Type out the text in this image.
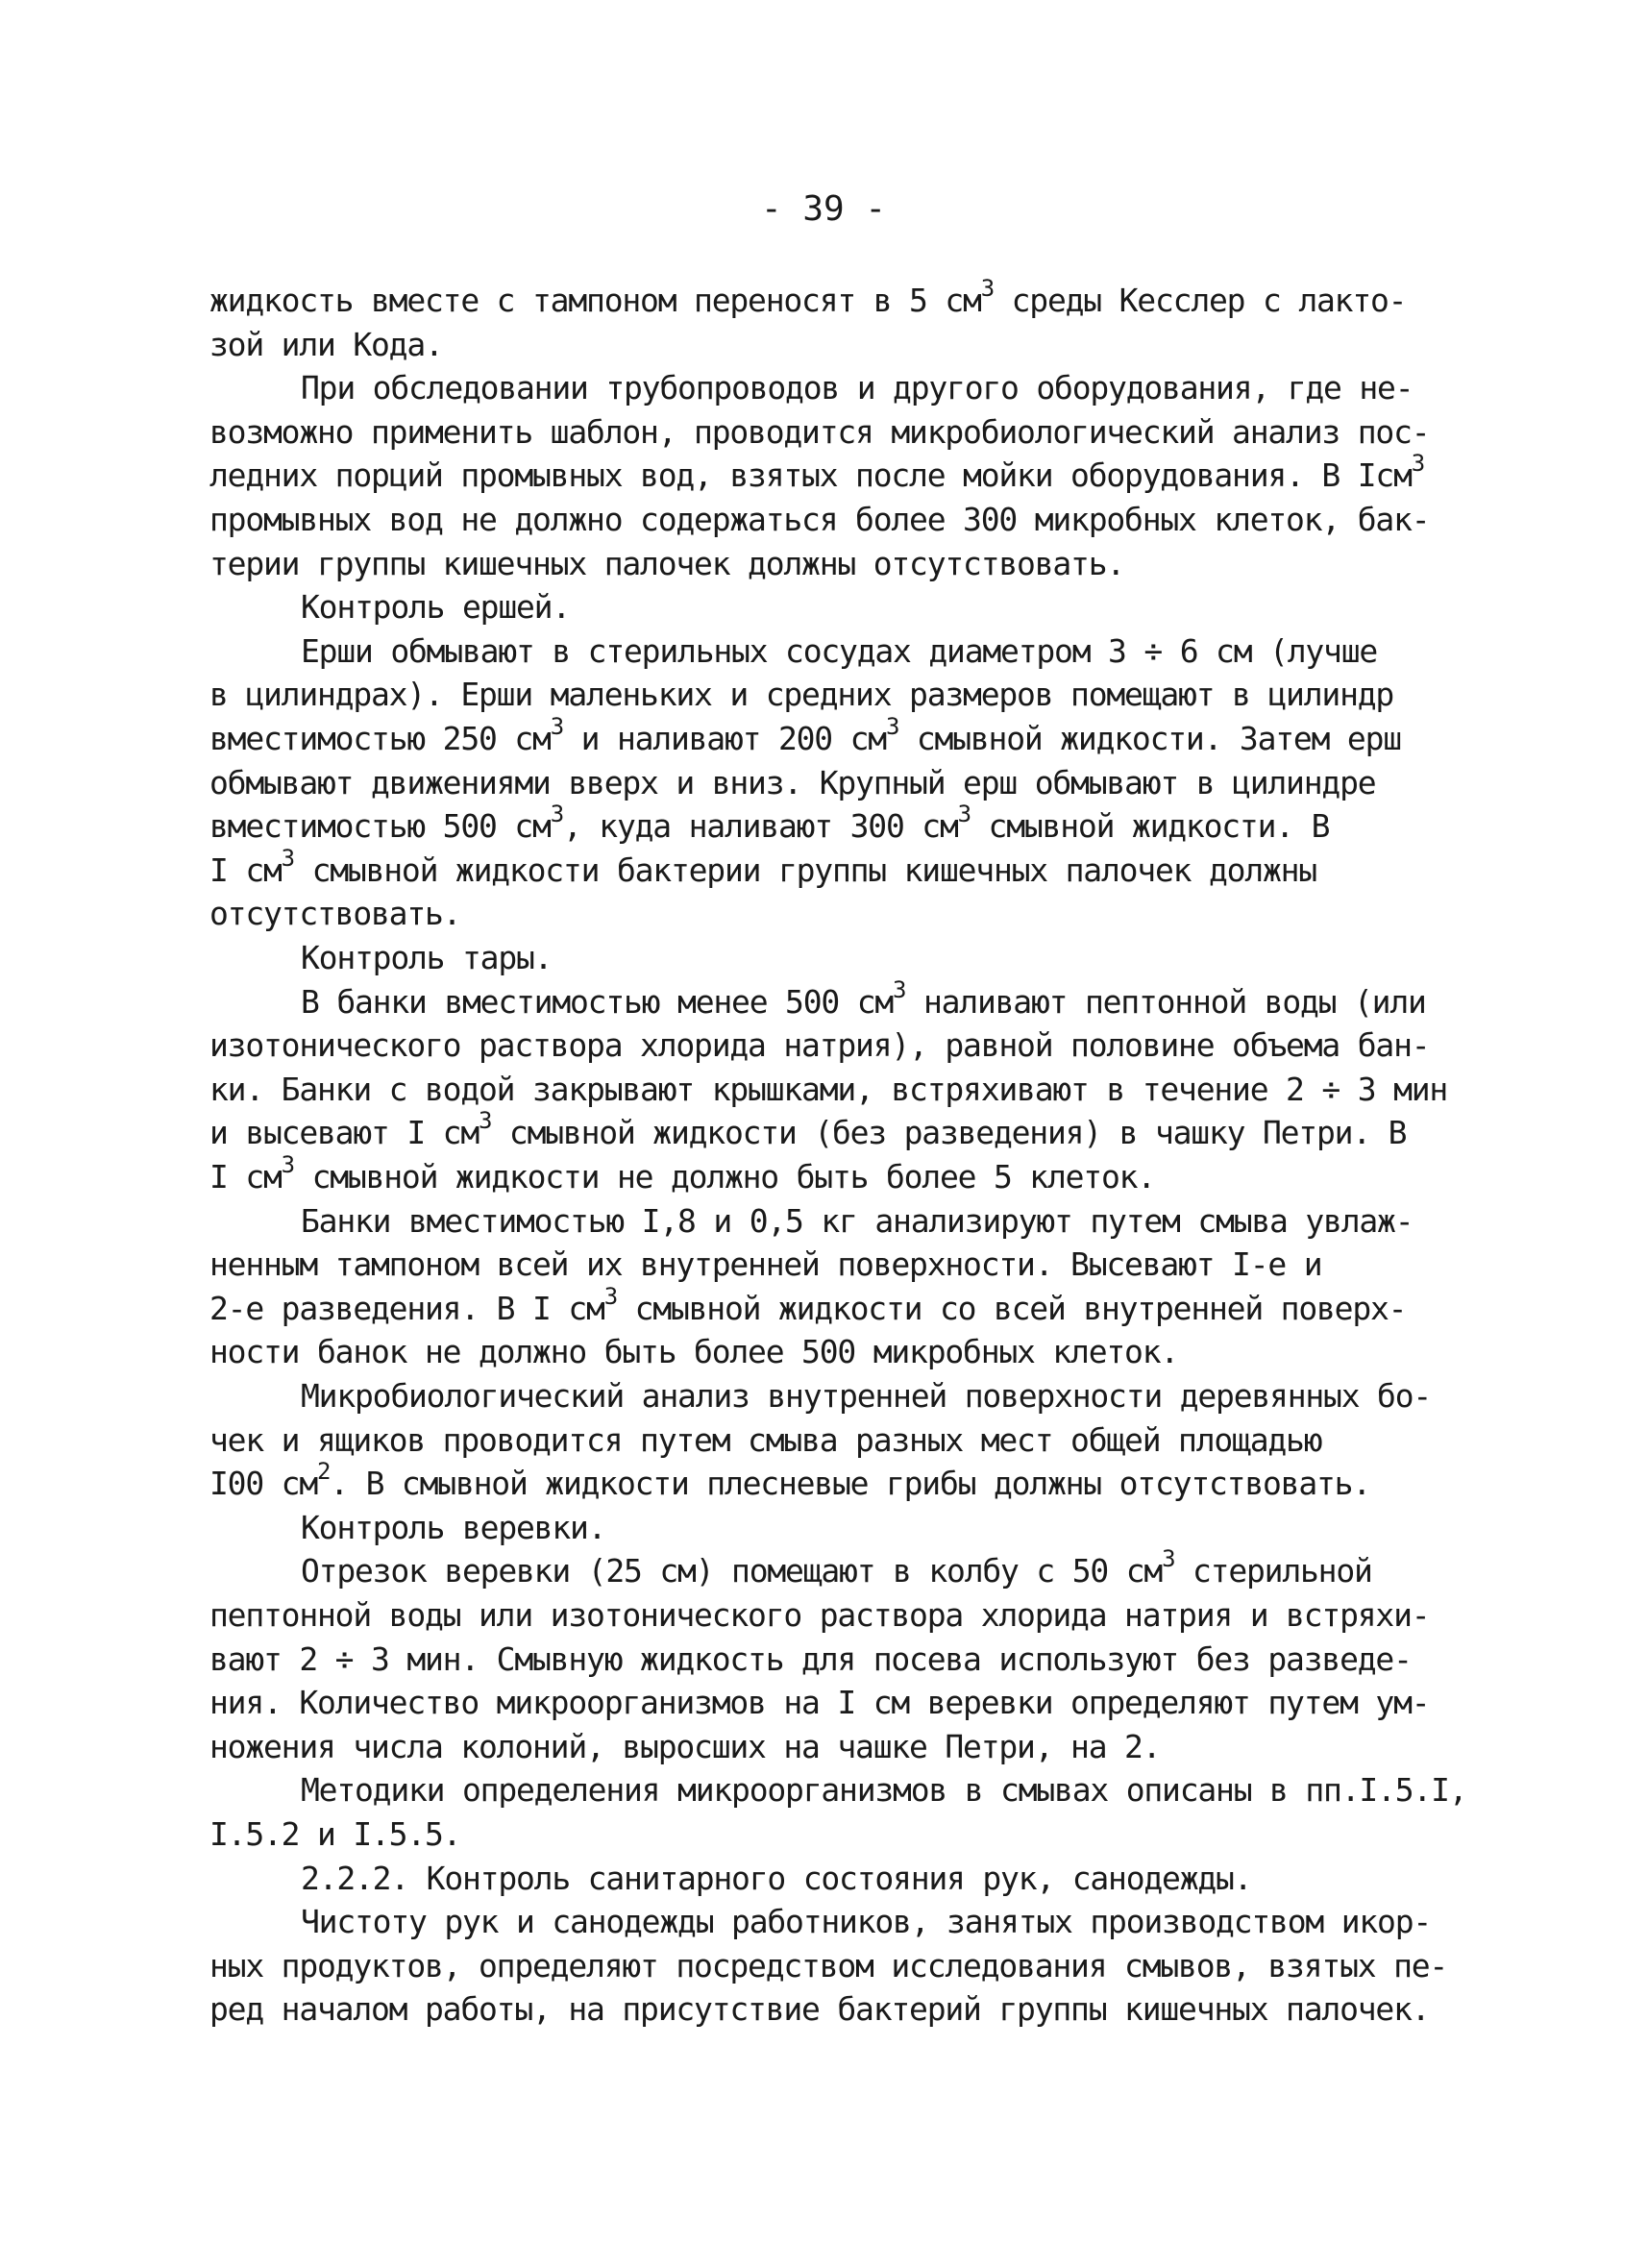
- 39 -
жидкость вместе с тампоном переносят в 5 $см^3$ среды Кесслер с лакто-
зой или Кода.
При обследовании трубопроводов и другого оборудования, где не-
возможно применить шаблон, проводится микробиологический анализ пос-
ледних порций промывных вод, взятых после мойки оборудования. В Iсм$^3$
промывных вод не должно содержаться более 300 микробных клеток, бак-
терии группы кишечных палочек должны отсутствовать.
Контроль ершей.
Ерши обмывают в стерильных сосудах диаметром 3 ÷ 6 см (лучше
в цилиндрах). Ерши маленьких и средних размеров помещают в цилиндр
вместимостью 250 $см^3$ и наливают 200 $см^3$ смывной жидкости. Затем ерш
обмывают движениями вверх и вниз. Крупный ерш обмывают в цилиндре
вместимостью 500 $см^3$, куда наливают 300 $см^3$ смывной жидкости. В
I $см^3$ смывной жидкости бактерии группы кишечных палочек должны
отсутствовать.
Контроль тары.
В банки вместимостью менее 500 $см^3$ наливают пептонной воды (или
изотонического раствора хлорида натрия), равной половине объема бан-
ки. Банки с водой закрывают крышками, встряхивают в течение 2 ÷ 3 мин
и высевают I $см^3$ смывной жидкости (без разведения) в чашку Петри. В
I $см^3$ смывной жидкости не должно быть более 5 клеток.
Банки вместимостью I,8 и 0,5 кг анализируют путем смыва увлаж-
ненным тампоном всей их внутренней поверхности. Высевают I-е и
2-е разведения. В I $см^3$ смывной жидкости со всей внутренней поверх-
ности банок не должно быть более 500 микробных клеток.
Микробиологический анализ внутренней поверхности деревянных бо-
чек и ящиков проводится путем смыва разных мест общей площадью
I00 $см^2$. В смывной жидкости плесневые грибы должны отсутствовать.
Контроль веревки.
Отрезок веревки (25 см) помещают в колбу с 50 $см^3$ стерильной
пептонной воды или изотонического раствора хлорида натрия и встряхи-
вают 2 ÷ 3 мин. Смывную жидкость для посева используют без разведе-
ния. Количество микроорганизмов на I см веревки определяют путем ум-
ножения числа колоний, выросших на чашке Петри, на 2.
Методики определения микроорганизмов в смывах описаны в пп.I.5.I,
I.5.2 и I.5.5.
2.2.2. Контроль санитарного состояния рук, санодежды.
Чистоту рук и санодежды работников, занятых производством икор-
ных продуктов, определяют посредством исследования смывов, взятых пе-
ред началом работы, на присутствие бактерий группы кишечных палочек.
